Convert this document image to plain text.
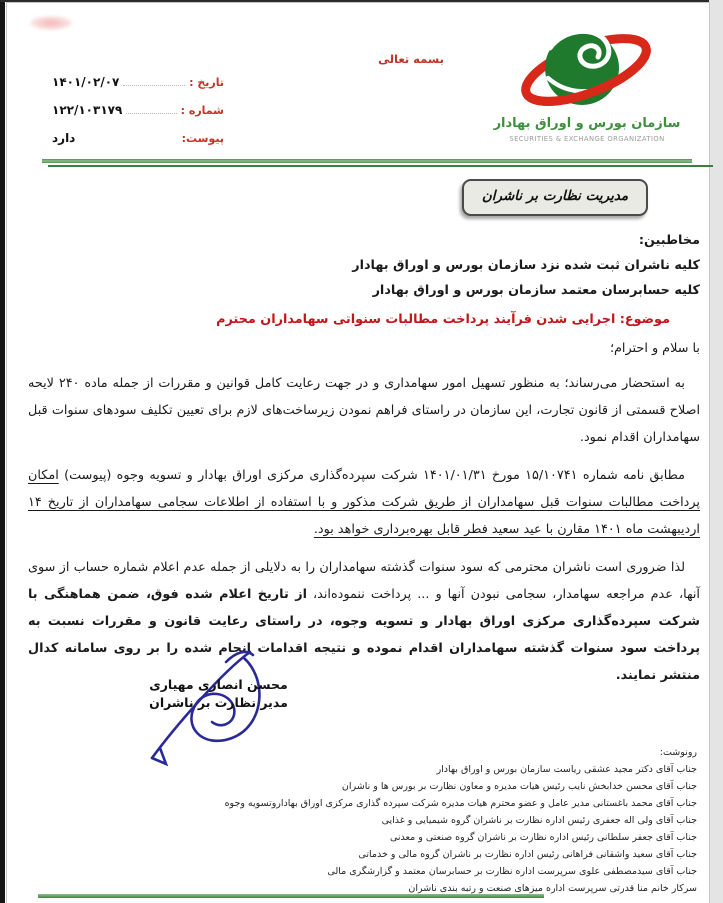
بسمه تعالی
سازمان بورس و اوراق بهادار
SECURITIES & EXCHANGE ORGANIZATION
تاریخ :
۱۴۰۱/۰۲/۰۷
شماره :
۱۲۲/۱۰۳۱۷۹
پیوست:
دارد
مدیریت نظارت بر ناشران
مخاطبین:
کلیه ناشران ثبت شده نزد سازمان بورس و اوراق بهادار
کلیه حسابرسان معتمد سازمان بورس و اوراق بهادار
موضوع: اجرایی شدن فرآیند پرداخت مطالبات سنواتی سهامداران محترم
با سلام و احترام؛
به استحضار می‌رساند؛ به منظور تسهیل امور سهامداری و در جهت رعایت کامل قوانین و مقررات از جمله ماده ۲۴۰ لایحه اصلاح قسمتی از قانون تجارت، این سازمان در راستای فراهم نمودن زیرساخت‌های لازم برای تعیین تکلیف سودهای سنوات قبل سهامداران اقدام نمود.
مطابق نامه شماره ۱۵/۱۰۷۴۱ مورخ ۱۴۰۱/۰۱/۳۱ شرکت سپرده‌گذاری مرکزی اوراق بهادار و تسویه وجوه (پیوست) امکان پرداخت مطالبات سنوات قبل سهامداران از طریق شرکت مذکور و با استفاده از اطلاعات سجامی سهامداران از تاریخ ۱۴ اردیبهشت ماه ۱۴۰۱ مقارن با عید سعید فطر قابل بهره‌برداری خواهد بود.
لذا ضروری است ناشران محترمی که سود سنوات گذشته سهامداران را به دلایلی از جمله عدم اعلام شماره حساب از سوی آنها، عدم مراجعه سهامدار، سجامی نبودن آنها و ... پرداخت ننموده‌اند، از تاریخ اعلام شده فوق، ضمن هماهنگی با شرکت سپرده‌گذاری مرکزی اوراق بهادار و تسویه وجوه، در راستای رعایت قانون و مقررات نسبت به پرداخت سود سنوات گذشته سهامداران اقدام نموده و نتیجه اقدامات انجام شده را بر روی سامانه کدال منتشر نمایند.
محسن انصاری مهیاری
مدیر نظارت بر ناشران
رونوشت:
جناب آقای دکتر مجید عشقی ریاست سازمان بورس و اوراق بهادار
جناب آقای محسن خدابخش نایب رئیس هیات مدیره و معاون نظارت بر بورس ها و ناشران
جناب آقای محمد باغستانی مدیر عامل و عضو محترم هیات مدیره شرکت سپرده گذاری مرکزی اوراق بهاداروتسویه وجوه
جناب آقای ولی اله جعفری رئیس اداره نظارت بر ناشران گروه شیمیایی و غذایی
جناب آقای جعفر سلطانی رئیس اداره نظارت بر ناشران گروه صنعتی و معدنی
جناب آقای سعید واشقانی فراهانی رئیس اداره نظارت بر ناشران گروه مالی و خدماتی
جناب آقای سیدمصطفی علوی سرپرست اداره نظارت بر حسابرسان معتمد و گزارشگری مالی
سرکار خانم منا قدرتی سرپرست اداره میزهای صنعت و رتبه بندی ناشران
